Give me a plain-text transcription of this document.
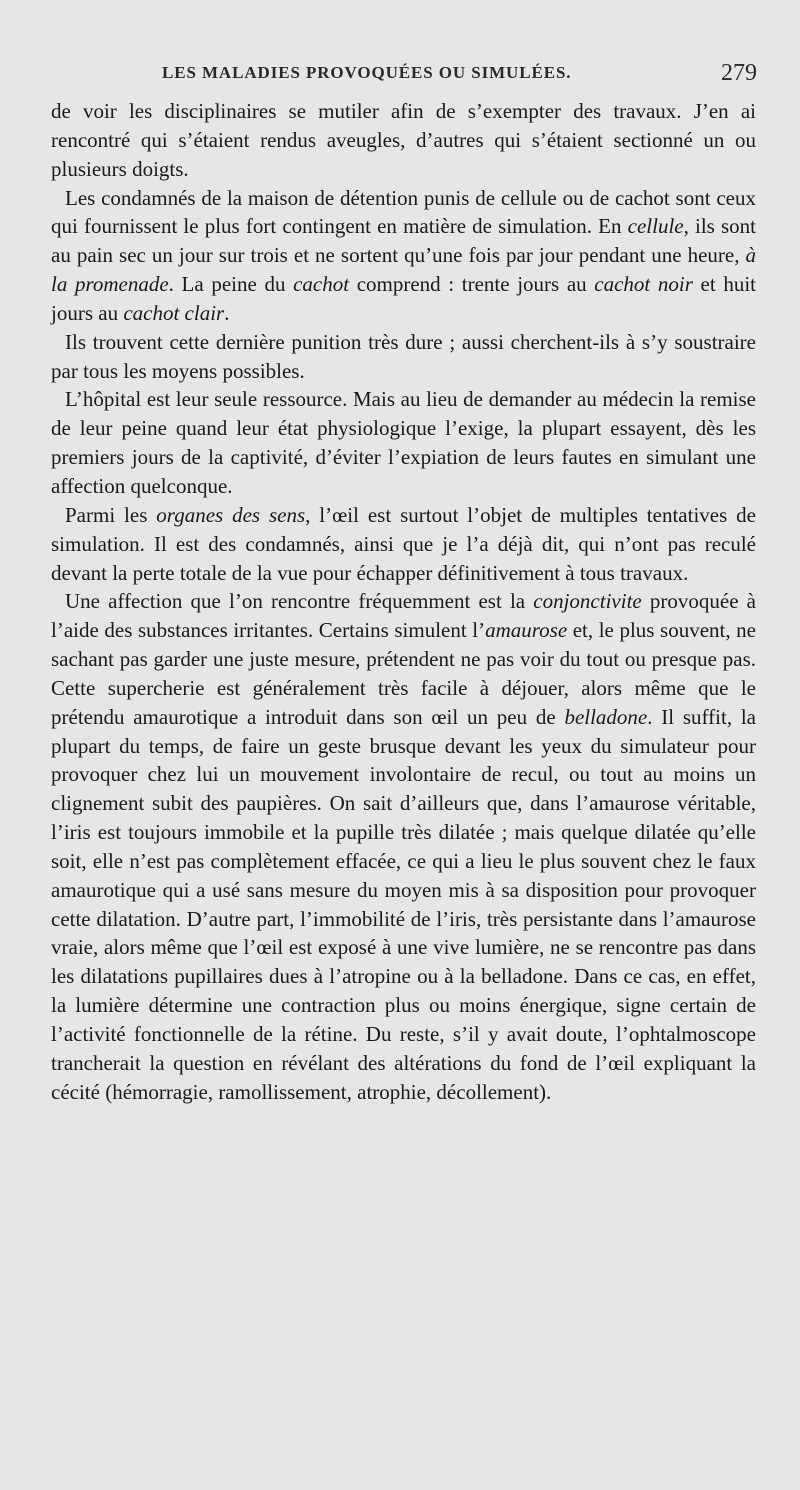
LES MALADIES PROVOQUÉES OU SIMULÉES.	279

de voir les disciplinaires se mutiler afin de s’exempter des travaux. J’en ai rencontré qui s’étaient rendus aveugles, d’autres qui s’étaient sectionné un ou plusieurs doigts.

Les condamnés de la maison de détention punis de cellule ou de cachot sont ceux qui fournissent le plus fort contingent en matière de simulation. En cellule, ils sont au pain sec un jour sur trois et ne sortent qu’une fois par jour pendant une heure, à la promenade. La peine du cachot comprend : trente jours au cachot noir et huit jours au cachot clair.

Ils trouvent cette dernière punition très dure ; aussi cherchent-ils à s’y soustraire par tous les moyens possibles.

L’hôpital est leur seule ressource. Mais au lieu de demander au médecin la remise de leur peine quand leur état physiologique l’exige, la plupart essayent, dès les premiers jours de la captivité, d’éviter l’expiation de leurs fautes en simulant une affection quelconque.

Parmi les organes des sens, l’œil est surtout l’objet de multiples tentatives de simulation. Il est des condamnés, ainsi que je l’a déjà dit, qui n’ont pas reculé devant la perte totale de la vue pour échapper définitivement à tous travaux.

Une affection que l’on rencontre fréquemment est la conjonctivite provoquée à l’aide des substances irritantes. Certains simulent l’amaurose et, le plus souvent, ne sachant pas garder une juste mesure, prétendent ne pas voir du tout ou presque pas. Cette supercherie est généralement très facile à déjouer, alors même que le prétendu amaurotique a introduit dans son œil un peu de belladone. Il suffit, la plupart du temps, de faire un geste brusque devant les yeux du simulateur pour provoquer chez lui un mouvement involontaire de recul, ou tout au moins un clignement subit des paupières. On sait d’ailleurs que, dans l’amaurose véritable, l’iris est toujours immobile et la pupille très dilatée ; mais quelque dilatée qu’elle soit, elle n’est pas complètement effacée, ce qui a lieu le plus souvent chez le faux amaurotique qui a usé sans mesure du moyen mis à sa disposition pour provoquer cette dilatation. D’autre part, l’immobilité de l’iris, très persistante dans l’amaurose vraie, alors même que l’œil est exposé à une vive lumière, ne se rencontre pas dans les dilatations pupillaires dues à l’atropine ou à la belladone. Dans ce cas, en effet, la lumière détermine une contraction plus ou moins énergique, signe certain de l’activité fonctionnelle de la rétine. Du reste, s’il y avait doute, l’ophtalmoscope trancherait la question en révélant des altérations du fond de l’œil expliquant la cécité (hémorragie, ramollissement, atrophie, décollement).
